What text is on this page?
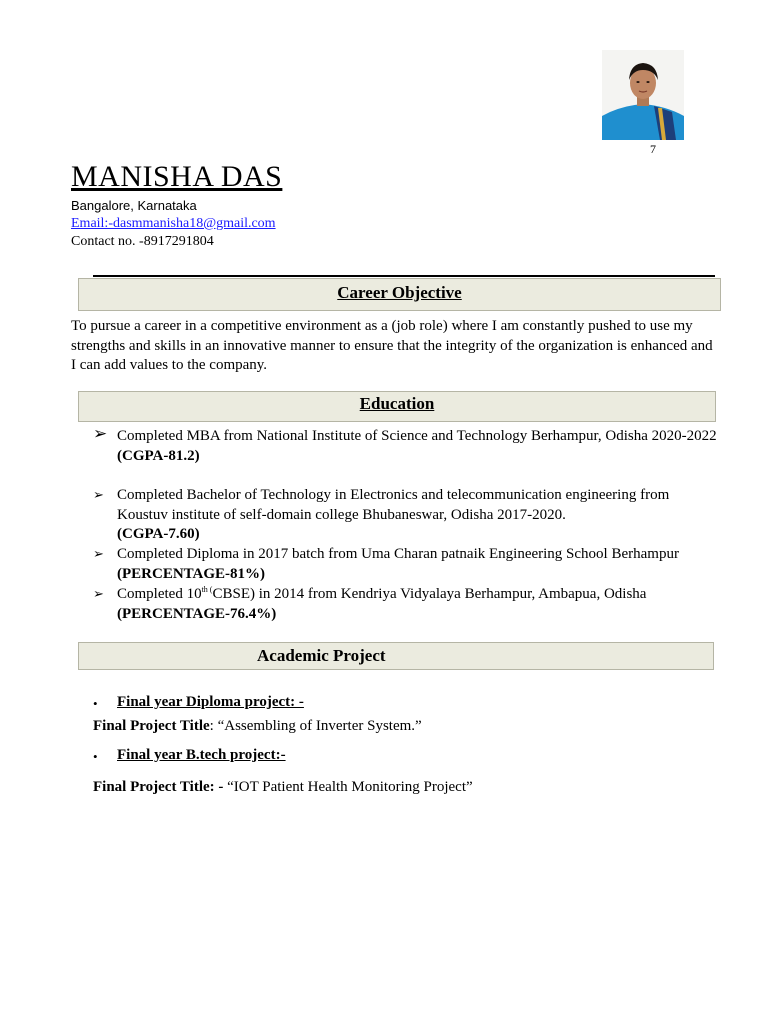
7
MANISHA DAS
Bangalore, Karnataka
Email:-dasmmanisha18@gmail.com
Contact no. -8917291804
Career Objective
To pursue a career in a competitive environment as a (job role) where I am constantly pushed to use my strengths and skills in an innovative manner to ensure that the integrity of the organization is enhanced and I can add values to the company.
Education
➢ Completed MBA from National Institute of Science and Technology Berhampur, Odisha 2020-2022
(CGPA-81.2)
➢ Completed Bachelor of Technology in Electronics and telecommunication engineering from Koustuv institute of self-domain college Bhubaneswar, Odisha 2017-2020.
(CGPA-7.60)
➢ Completed Diploma in 2017 batch from Uma Charan patnaik Engineering School Berhampur
(PERCENTAGE-81%)
➢ Completed $10^{th (}CBSE$) in 2014 from Kendriya Vidyalaya Berhampur, Ambapua, Odisha
(PERCENTAGE-76.4%)
Academic Project
• Final year Diploma project: -
Final Project Title: “Assembling of Inverter System.”
• Final year B.tech project:-
Final Project Title: - “IOT Patient Health Monitoring Project”
